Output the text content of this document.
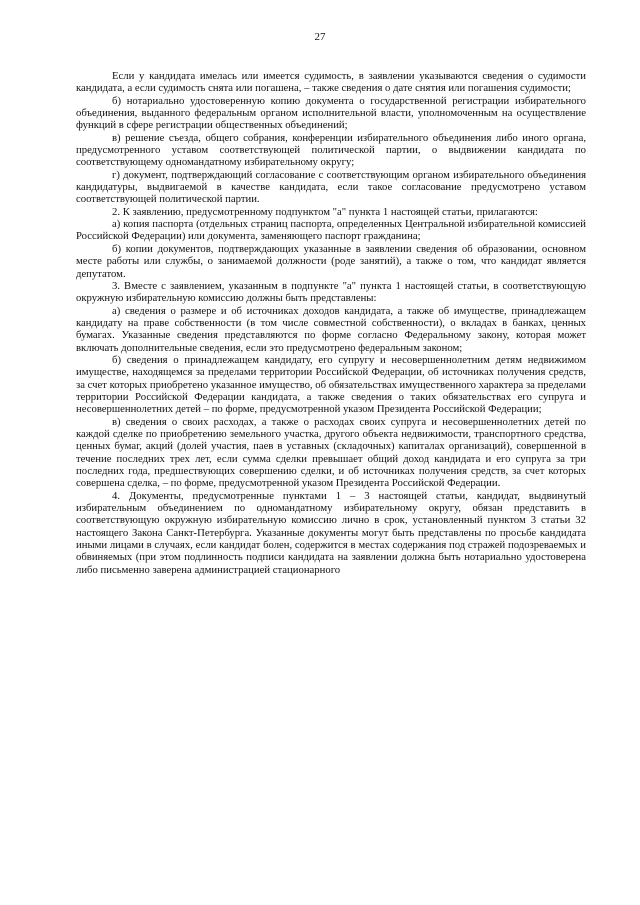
27

Если у кандидата имелась или имеется судимость, в заявлении указываются сведения о судимости кандидата, а если судимость снята или погашена, – также сведения о дате снятия или погашения судимости;

б) нотариально удостоверенную копию документа о государственной регистрации избирательного объединения, выданного федеральным органом исполнительной власти, уполномоченным на осуществление функций в сфере регистрации общественных объединений;

в) решение съезда, общего собрания, конференции избирательного объединения либо иного органа, предусмотренного уставом соответствующей политической партии, о выдвижении кандидата по соответствующему одномандатному избирательному округу;

г) документ, подтверждающий согласование с соответствующим органом избирательного объединения кандидатуры, выдвигаемой в качестве кандидата, если такое согласование предусмотрено уставом соответствующей политической партии.

2. К заявлению, предусмотренному подпунктом "а" пункта 1 настоящей статьи, прилагаются:

а) копия паспорта (отдельных страниц паспорта, определенных Центральной избирательной комиссией Российской Федерации) или документа, заменяющего паспорт гражданина;

б) копии документов, подтверждающих указанные в заявлении сведения об образовании, основном месте работы или службы, о занимаемой должности (роде занятий), а также о том, что кандидат является депутатом.

3. Вместе с заявлением, указанным в подпункте "а" пункта 1 настоящей статьи, в соответствующую окружную избирательную комиссию должны быть представлены:

а) сведения о размере и об источниках доходов кандидата, а также об имуществе, принадлежащем кандидату на праве собственности (в том числе совместной собственности), о вкладах в банках, ценных бумагах. Указанные сведения представляются по форме согласно Федеральному закону, которая может включать дополнительные сведения, если это предусмотрено федеральным законом;

б) сведения о принадлежащем кандидату, его супругу и несовершеннолетним детям недвижимом имуществе, находящемся за пределами территории Российской Федерации, об источниках получения средств, за счет которых приобретено указанное имущество, об обязательствах имущественного характера за пределами территории Российской Федерации кандидата, а также сведения о таких обязательствах его супруга и несовершеннолетних детей – по форме, предусмотренной указом Президента Российской Федерации;

в) сведения о своих расходах, а также о расходах своих супруга и несовершеннолетних детей по каждой сделке по приобретению земельного участка, другого объекта недвижимости, транспортного средства, ценных бумаг, акций (долей участия, паев в уставных (складочных) капиталах организаций), совершенной в течение последних трех лет, если сумма сделки превышает общий доход кандидата и его супруга за три последних года, предшествующих совершению сделки, и об источниках получения средств, за счет которых совершена сделка, – по форме, предусмотренной указом Президента Российской Федерации.

4. Документы, предусмотренные пунктами 1 – 3 настоящей статьи, кандидат, выдвинутый избирательным объединением по одномандатному избирательному округу, обязан представить в соответствующую окружную избирательную комиссию лично в срок, установленный пунктом 3 статьи 32 настоящего Закона Санкт-Петербурга. Указанные документы могут быть представлены по просьбе кандидата иными лицами в случаях, если кандидат болен, содержится в местах содержания под стражей подозреваемых и обвиняемых (при этом подлинность подписи кандидата на заявлении должна быть нотариально удостоверена либо письменно заверена администрацией стационарного
